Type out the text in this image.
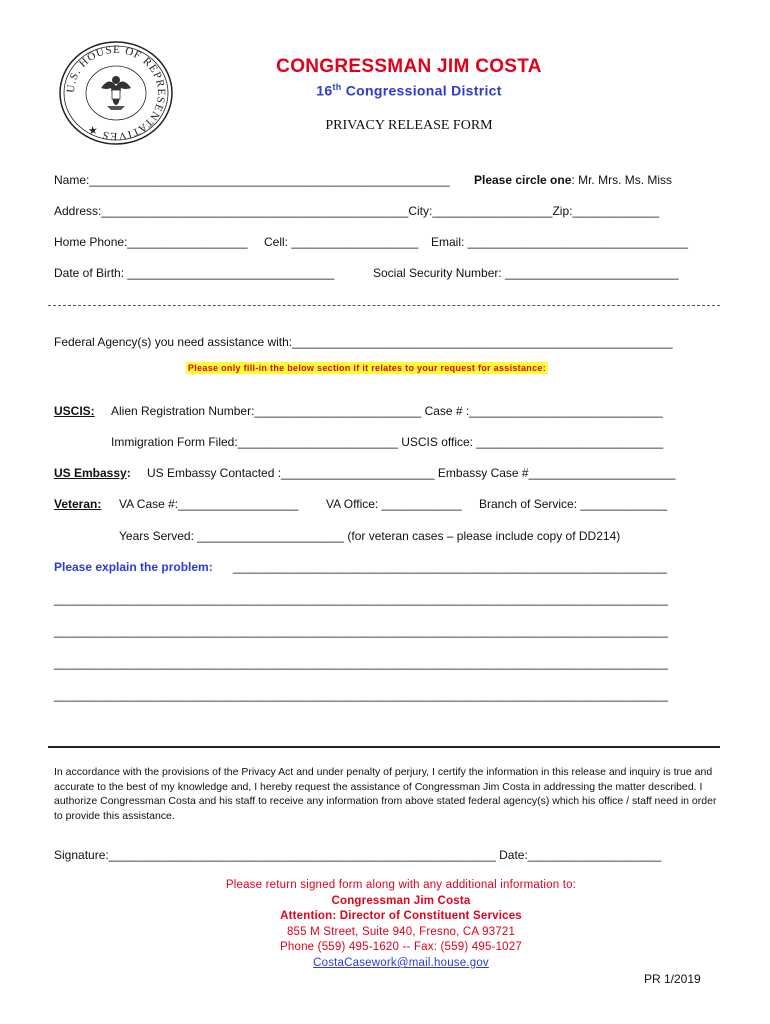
U.S. HOUSE OF REPRESENTATIVES ★
CONGRESSMAN JIM COSTA
16th Congressional District
PRIVACY RELEASE FORM
Name:______________________________________________________ Please circle one: Mr. Mrs. Ms. Miss
Address:______________________________________________City:__________________Zip:_____________
Home Phone:__________________ Cell: ___________________ Email: _________________________________
Date of Birth: _______________________________	Social Security Number: __________________________
Federal Agency(s) you need assistance with:_________________________________________________________
Please only fill-in the below section if it relates to your request for assistance:
USCIS: Alien Registration Number:_________________________ Case # :_____________________________
Immigration Form Filed:________________________ USCIS office: ____________________________
US Embassy: US Embassy Contacted :_______________________ Embassy Case #______________________
Veteran: VA Case #:__________________ VA Office: ____________ Branch of Service: _____________
Years Served: ______________________ (for veteran cases – please include copy of DD214)
Please explain the problem: _________________________________________________________________
____________________________________________________________________________________________
____________________________________________________________________________________________
____________________________________________________________________________________________
____________________________________________________________________________________________
In accordance with the provisions of the Privacy Act and under penalty of perjury, I certify the information in this release and inquiry is true and accurate to the best of my knowledge and, I hereby request the assistance of Congressman Jim Costa in addressing the matter described. I authorize Congressman Costa and his staff to receive any information from above stated federal agency(s) which his office / staff need in order to provide this assistance.
Signature:__________________________________________________________ Date:____________________
Please return signed form along with any additional information to:
Congressman Jim Costa
Attention: Director of Constituent Services
855 M Street, Suite 940, Fresno, CA 93721
Phone (559) 495-1620 -- Fax: (559) 495-1027
CostaCasework@mail.house.gov
PR 1/2019
